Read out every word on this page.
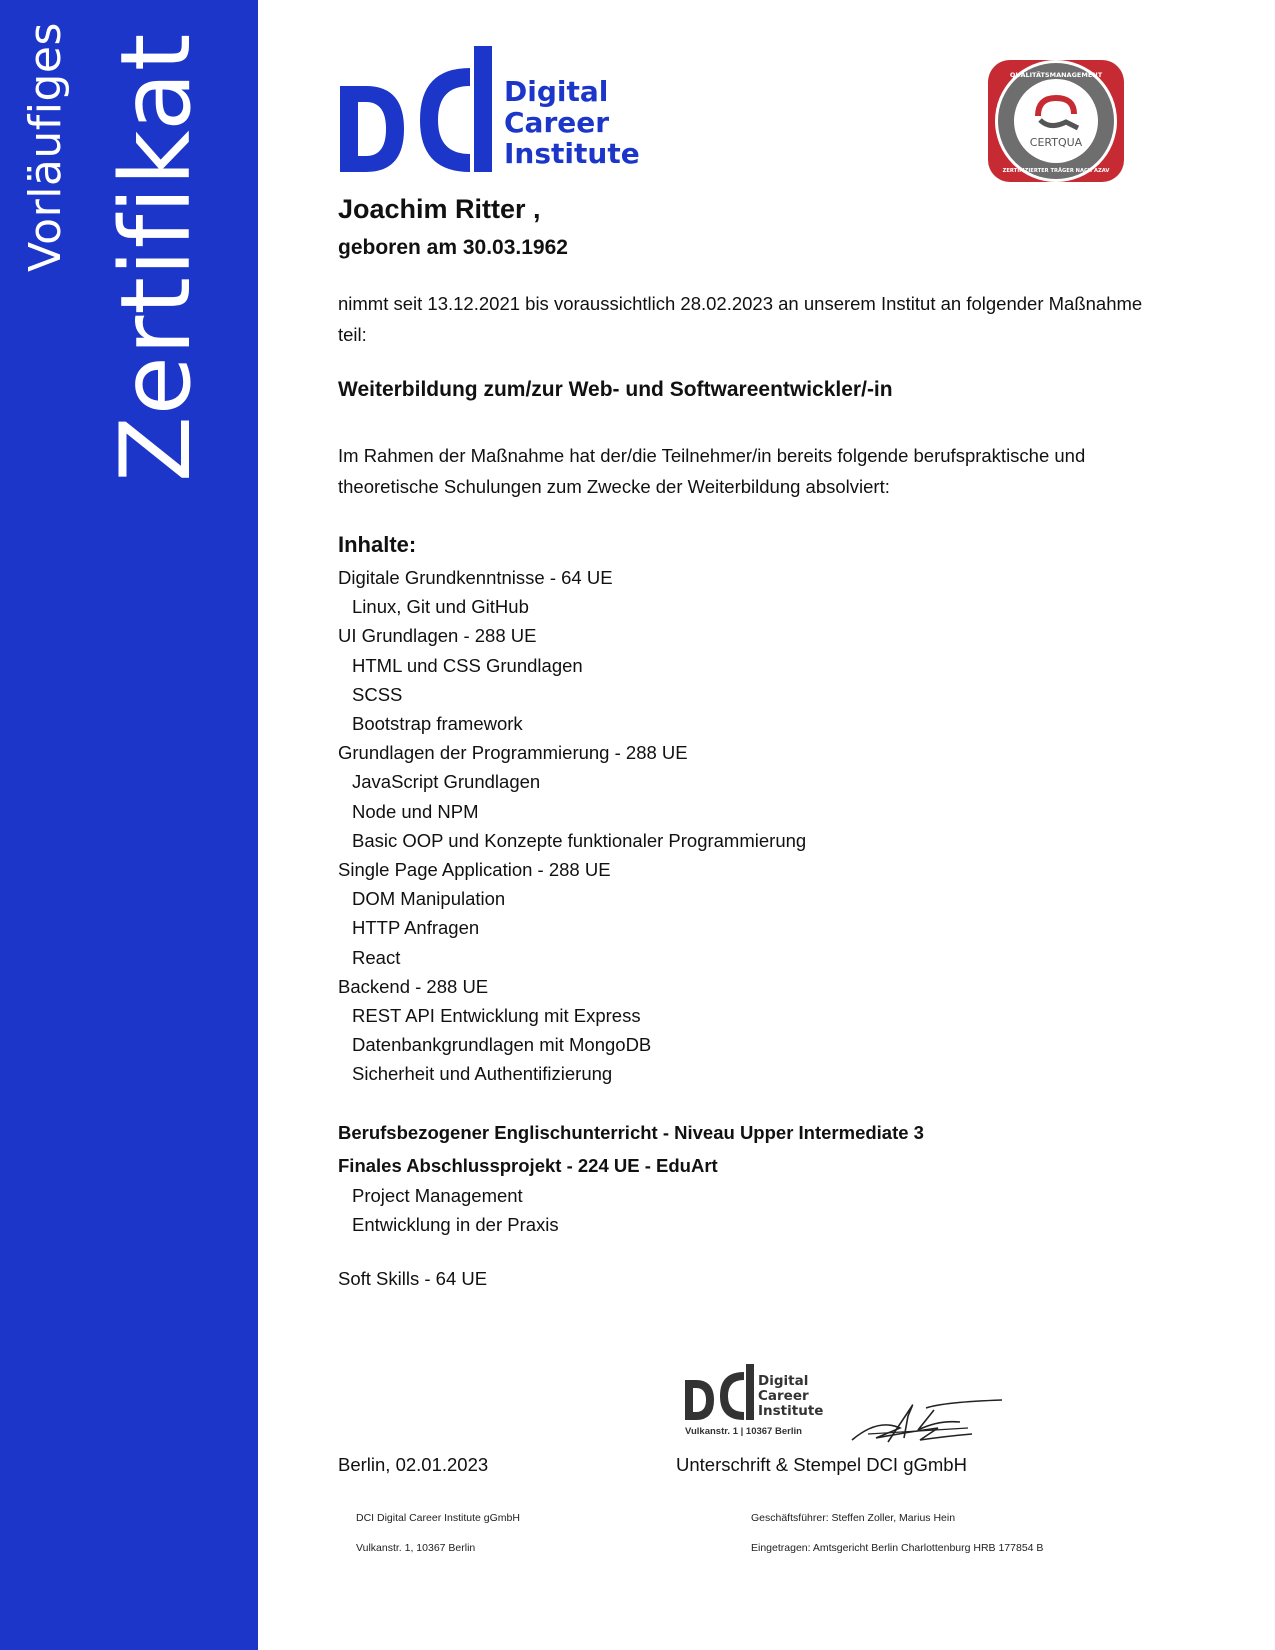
Vorläufiges Zertifikat	Digital
Career
Institute	CERTQUA
QUALITÄTSMANAGEMENT
ZERTIFIZIERTER TRÄGER NACH AZAV
Joachim Ritter ,
geboren am 30.03.1962
nimmt seit 13.12.2021 bis voraussichtlich 28.02.2023 an unserem Institut an folgender Maßnahme teil:
Weiterbildung zum/zur Web- und Softwareentwickler/-in
Im Rahmen der Maßnahme hat der/die Teilnehmer/in bereits folgende berufspraktische und theoretische Schulungen zum Zwecke der Weiterbildung absolviert:
Inhalte:
Digitale Grundkenntnisse - 64 UE
Linux, Git und GitHub
UI Grundlagen - 288 UE
HTML und CSS Grundlagen
SCSS
Bootstrap framework
Grundlagen der Programmierung - 288 UE
JavaScript Grundlagen
Node und NPM
Basic OOP und Konzepte funktionaler Programmierung
Single Page Application - 288 UE
DOM Manipulation
HTTP Anfragen
React
Backend - 288 UE
REST API Entwicklung mit Express
Datenbankgrundlagen mit MongoDB
Sicherheit und Authentifizierung
Berufsbezogener Englischunterricht - Niveau Upper Intermediate 3
Finales Abschlussprojekt - 224 UE - EduArt
Project Management
Entwicklung in der Praxis
Soft Skills - 64 UE
Digital
Career
Institute
Vulkanstr. 1 | 10367 Berlin
Berlin, 02.01.2023	Unterschrift & Stempel DCI gGmbH
DCI Digital Career Institute gGmbH
Vulkanstr. 1, 10367 Berlin
Geschäftsführer: Steffen Zoller, Marius Hein
Eingetragen: Amtsgericht Berlin Charlottenburg HRB 177854 B
